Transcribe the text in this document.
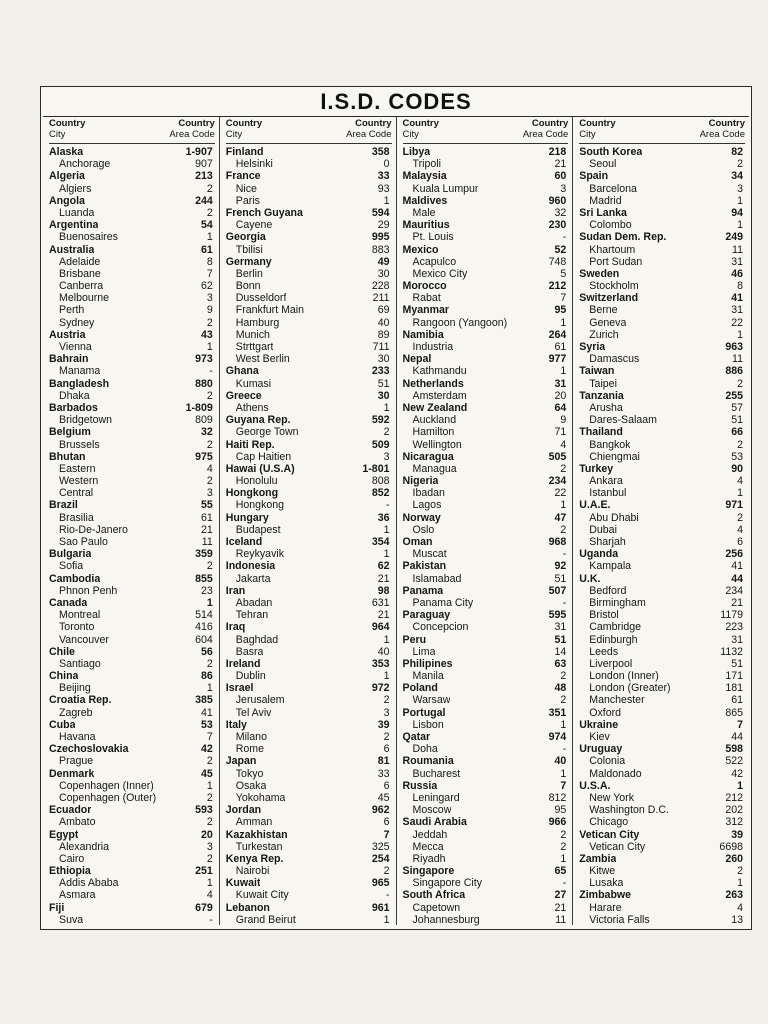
I.S.D. CODES
Country
City
Country
Area Code
Alaska	1-907
Anchorage	907
Algeria	213
Algiers	2
Angola	244
Luanda	2
Argentina	54
Buenosaires	1
Australia	61
Adelaide	8
Brisbane	7
Canberra	62
Melbourne	3
Perth	9
Sydney	2
Austria	43
Vienna	1
Bahrain	973
Manama	-
Bangladesh	880
Dhaka	2
Barbados	1-809
Bridgetown	809
Belgium	32
Brussels	2
Bhutan	975
Eastern	4
Western	2
Central	3
Brazil	55
Brasilia	61
Rio-De-Janero	21
Sao Paulo	11
Bulgaria	359
Sofia	2
Cambodia	855
Phnon Penh	23
Canada	1
Montreal	514
Toronto	416
Vancouver	604
Chile	56
Santiago	2
China	86
Beijing	1
Croatia Rep.	385
Zagreb	41
Cuba	53
Havana	7
Czechoslovakia	42
Prague	2
Denmark	45
Copenhagen (Inner)	1
Copenhagen (Outer)	2
Ecuador	593
Ambato	2
Egypt	20
Alexandria	3
Cairo	2
Ethiopia	251
Addis Ababa	1
Asmara	4
Fiji	679
Suva	-
Country
City
Country
Area Code
Finland	358
Helsinki	0
France	33
Nice	93
Paris	1
French Guyana	594
Cayene	29
Georgia	995
Tbilisi	883
Germany	49
Berlin	30
Bonn	228
Dusseldorf	211
Frankfurt Main	69
Hamburg	40
Munich	89
Strttgart	711
West Berlin	30
Ghana	233
Kumasi	51
Greece	30
Athens	1
Guyana Rep.	592
George Town	2
Haiti Rep.	509
Cap Haitien	3
Hawai (U.S.A)	1-801
Honolulu	808
Hongkong	852
Hongkong	-
Hungary	36
Budapest	1
Iceland	354
Reykyavik	1
Indonesia	62
Jakarta	21
Iran	98
Abadan	631
Tehran	21
Iraq	964
Baghdad	1
Basra	40
Ireland	353
Dublin	1
Israel	972
Jerusalem	2
Tel Aviv	3
Italy	39
Milano	2
Rome	6
Japan	81
Tokyo	33
Osaka	6
Yokohama	45
Jordan	962
Amman	6
Kazakhistan	7
Turkestan	325
Kenya Rep.	254
Nairobi	2
Kuwait	965
Kuwait City	-
Lebanon	961
Grand Beirut	1
Country
City
Country
Area Code
Libya	218
Tripoli	21
Malaysia	60
Kuala Lumpur	3
Maldives	960
Male	32
Mauritius	230
Pt. Louis	-
Mexico	52
Acapulco	748
Mexico City	5
Morocco	212
Rabat	7
Myanmar	95
Rangoon (Yangoon)	1
Namibia	264
Industria	61
Nepal	977
Kathmandu	1
Netherlands	31
Amsterdam	20
New Zealand	64
Auckland	9
Hamilton	71
Wellington	4
Nicaragua	505
Managua	2
Nigeria	234
Ibadan	22
Lagos	1
Norway	47
Oslo	2
Oman	968
Muscat	-
Pakistan	92
Islamabad	51
Panama	507
Panama City	-
Paraguay	595
Concepcion	31
Peru	51
Lima	14
Philipines	63
Manila	2
Poland	48
Warsaw	2
Portugal	351
Lisbon	1
Qatar	974
Doha	-
Roumania	40
Bucharest	1
Russia	7
Leningard	812
Moscow	95
Saudi Arabia	966
Jeddah	2
Mecca	2
Riyadh	1
Singapore	65
Singapore City	-
South Africa	27
Capetown	21
Johannesburg	11
Country
City
Country
Area Code
South Korea	82
Seoul	2
Spain	34
Barcelona	3
Madrid	1
Sri Lanka	94
Colombo	1
Sudan Dem. Rep.	249
Khartoum	11
Port Sudan	31
Sweden	46
Stockholm	8
Switzerland	41
Berne	31
Geneva	22
Zurich	1
Syria	963
Damascus	11
Taiwan	886
Taipei	2
Tanzania	255
Arusha	57
Dares-Salaam	51
Thailand	66
Bangkok	2
Chiengmai	53
Turkey	90
Ankara	4
Istanbul	1
U.A.E.	971
Abu Dhabi	2
Dubai	4
Sharjah	6
Uganda	256
Kampala	41
U.K.	44
Bedford	234
Birmingham	21
Bristol	1179
Cambridge	223
Edinburgh	31
Leeds	1132
Liverpool	51
London (Inner)	171
London (Greater)	181
Manchester	61
Oxford	865
Ukraine	7
Kiev	44
Uruguay	598
Colonia	522
Maldonado	42
U.S.A.	1
New York	212
Washington D.C.	202
Chicago	312
Vetican City	39
Vetican City	6698
Zambia	260
Kitwe	2
Lusaka	1
Zimbabwe	263
Harare	4
Victoria Falls	13
